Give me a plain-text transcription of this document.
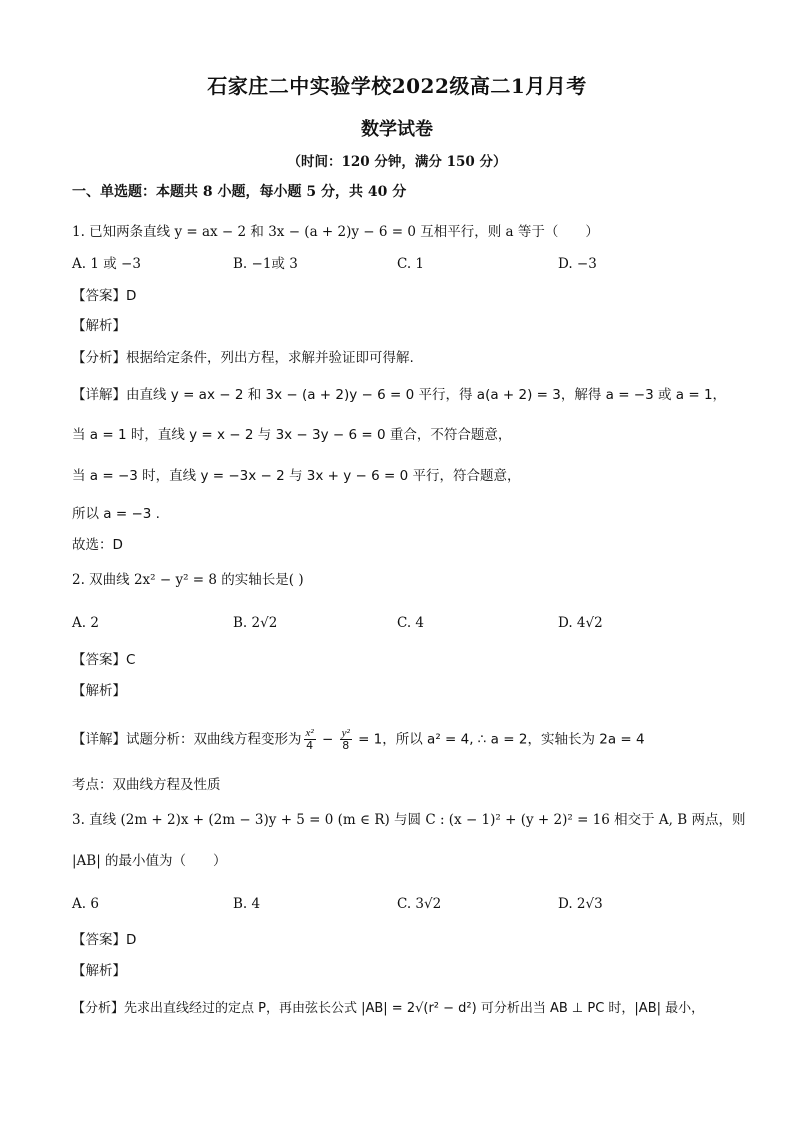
石家庄二中实验学校2022级高二1月月考
数学试卷
（时间：120 分钟，满分 150 分）
一、单选题：本题共 8 小题，每小题 5 分，共 40 分
1. 已知两条直线 y = ax − 2 和 3x − (a + 2)y − 6 = 0 互相平行，则 a 等于（　　）
A. 1 或 −3	B. −1或 3	C. 1	D. −3
【答案】D
【解析】
【分析】根据给定条件，列出方程，求解并验证即可得解.
【详解】由直线 y = ax − 2 和 3x − (a + 2)y − 6 = 0 平行，得 a(a + 2) = 3，解得 a = −3 或 a = 1，
当 a = 1 时，直线 y = x − 2 与 3x − 3y − 6 = 0 重合，不符合题意，
当 a = −3 时，直线 y = −3x − 2 与 3x + y − 6 = 0 平行，符合题意，
所以 a = −3 .
故选：D
2. 双曲线 2x² − y² = 8 的实轴长是( )
A. 2	B. 2√2	C. 4	D. 4√2
【答案】C
【解析】
【详解】试题分析：双曲线方程变形为 $\frac{\text{x²}}{4} - \frac{\text{y²}}{8} = 1$，所以 a² = 4, ∴ a = 2，实轴长为 2a = 4
考点：双曲线方程及性质
3. 直线 (2m + 2)x + (2m − 3)y + 5 = 0 (m ∈ R) 与圆 C : (x − 1)² + (y + 2)² = 16 相交于 A, B 两点，则
|AB| 的最小值为（　　）
A. 6	B. 4	C. 3√2	D. 2√3
【答案】D
【解析】
【分析】先求出直线经过的定点 P，再由弦长公式 |AB| = 2√(r² − d²) 可分析出当 AB ⊥ PC 时，|AB| 最小，
